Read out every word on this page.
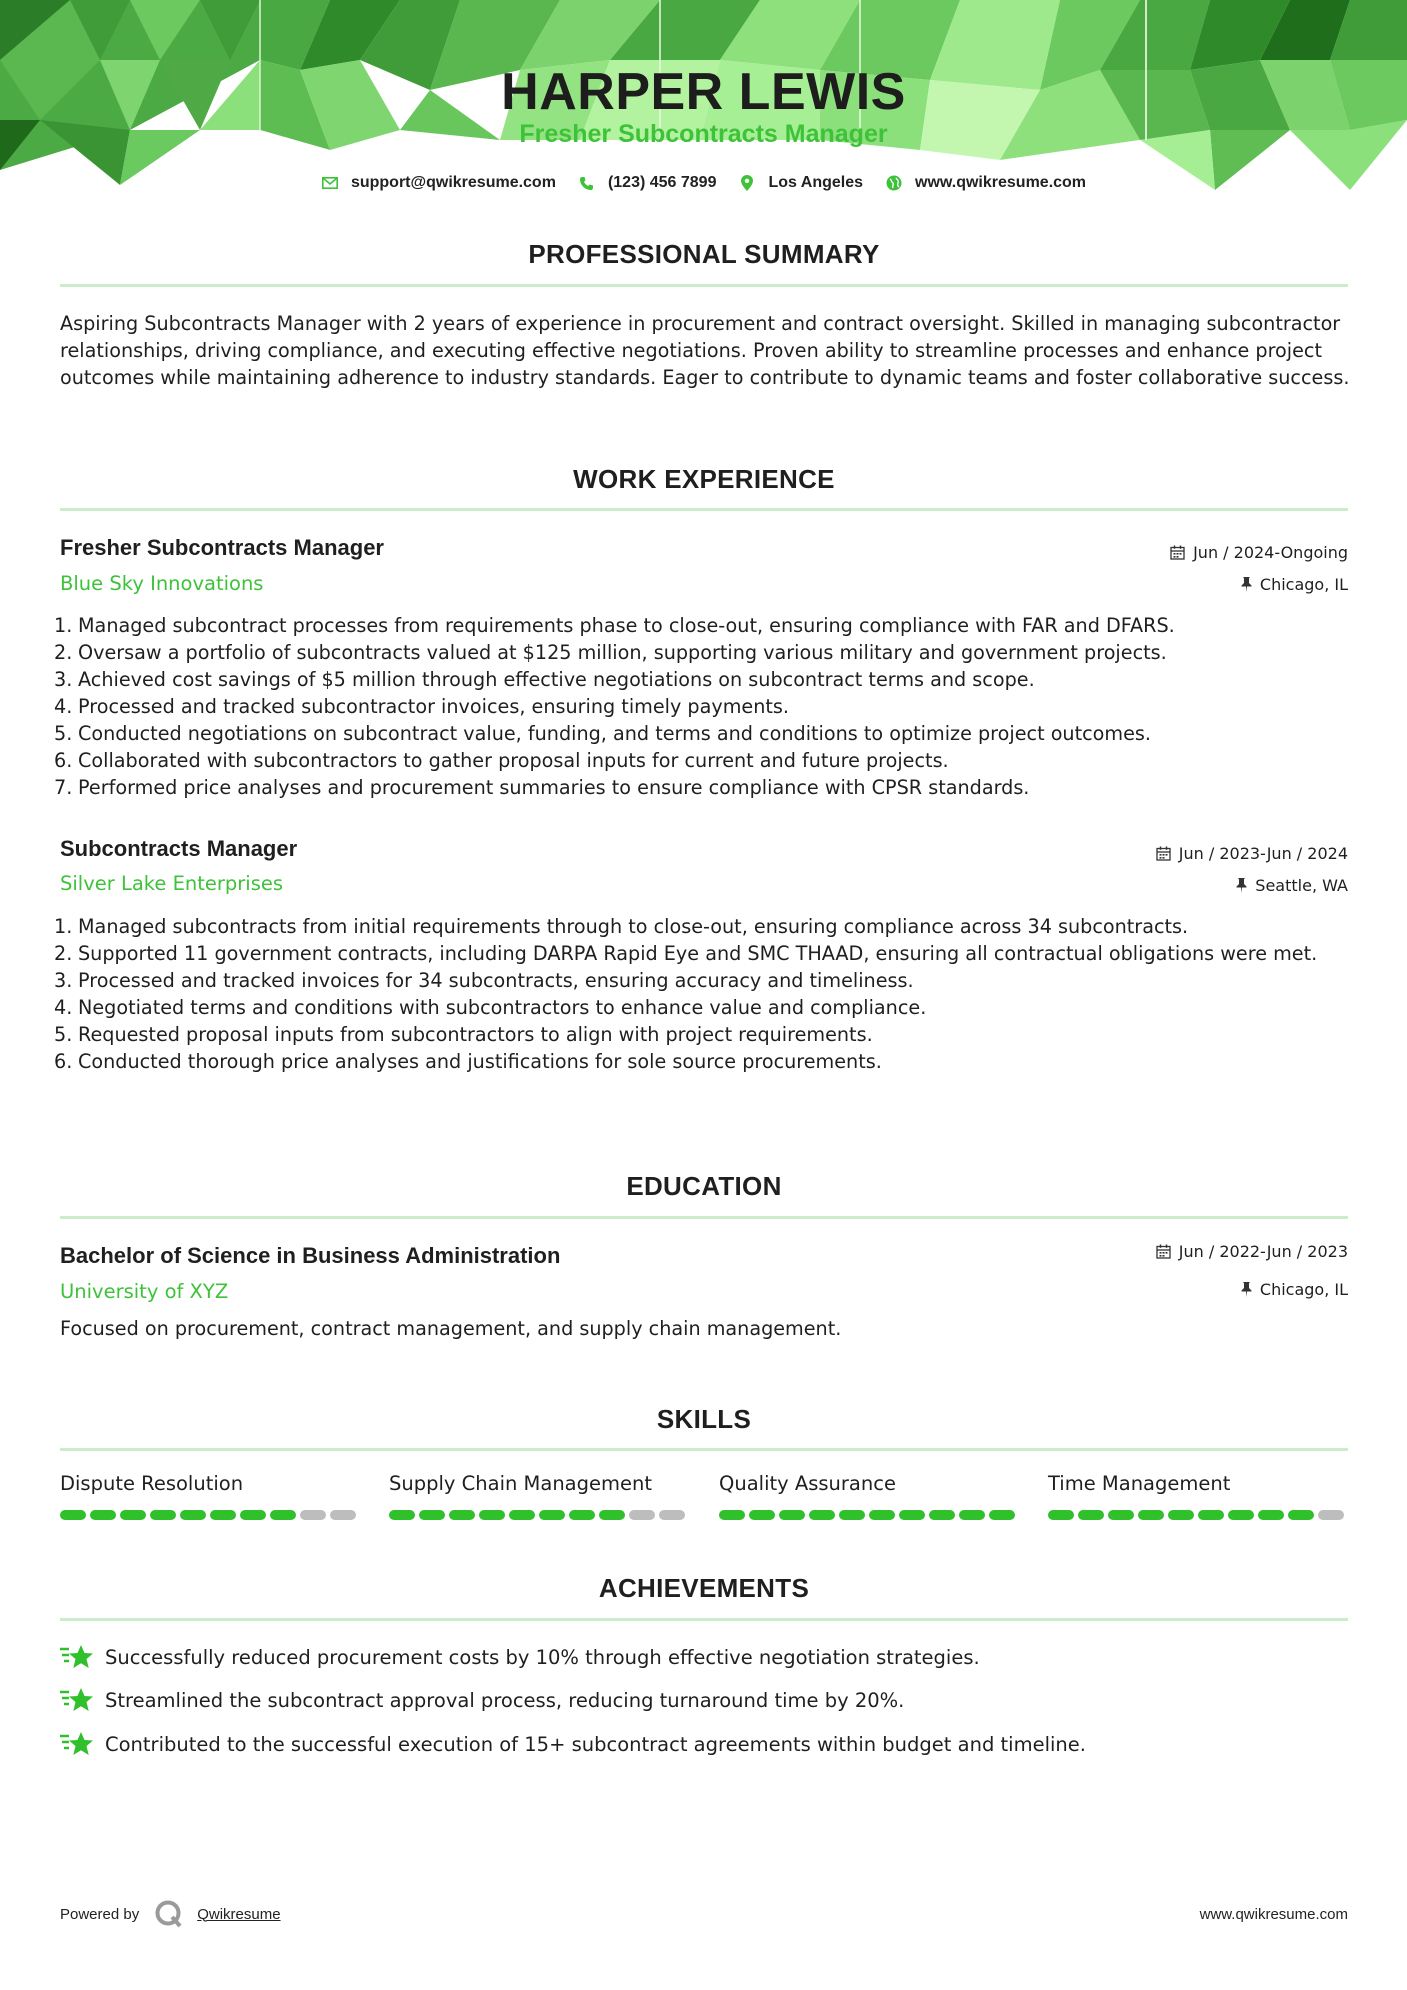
HARPER LEWIS
Fresher Subcontracts Manager
support@qwikresume.com	(123) 456 7899	Los Angeles	www.qwikresume.com
PROFESSIONAL SUMMARY
Aspiring Subcontracts Manager with 2 years of experience in procurement and contract oversight. Skilled in managing subcontractor relationships, driving compliance, and executing effective negotiations. Proven ability to streamline processes and enhance project outcomes while maintaining adherence to industry standards. Eager to contribute to dynamic teams and foster collaborative success.
WORK EXPERIENCE
Fresher Subcontracts Manager
Blue Sky Innovations
Jun / 2024-Ongoing
Chicago, IL
1. Managed subcontract processes from requirements phase to close-out, ensuring compliance with FAR and DFARS.
2. Oversaw a portfolio of subcontracts valued at $125 million, supporting various military and government projects.
3. Achieved cost savings of $5 million through effective negotiations on subcontract terms and scope.
4. Processed and tracked subcontractor invoices, ensuring timely payments.
5. Conducted negotiations on subcontract value, funding, and terms and conditions to optimize project outcomes.
6. Collaborated with subcontractors to gather proposal inputs for current and future projects.
7. Performed price analyses and procurement summaries to ensure compliance with CPSR standards.
Subcontracts Manager
Silver Lake Enterprises
Jun / 2023-Jun / 2024
Seattle, WA
1. Managed subcontracts from initial requirements through to close-out, ensuring compliance across 34 subcontracts.
2. Supported 11 government contracts, including DARPA Rapid Eye and SMC THAAD, ensuring all contractual obligations were met.
3. Processed and tracked invoices for 34 subcontracts, ensuring accuracy and timeliness.
4. Negotiated terms and conditions with subcontractors to enhance value and compliance.
5. Requested proposal inputs from subcontractors to align with project requirements.
6. Conducted thorough price analyses and justifications for sole source procurements.
EDUCATION
Bachelor of Science in Business Administration
University of XYZ
Jun / 2022-Jun / 2023
Chicago, IL
Focused on procurement, contract management, and supply chain management.
SKILLS
Dispute Resolution	Supply Chain Management	Quality Assurance	Time Management
ACHIEVEMENTS
Successfully reduced procurement costs by 10% through effective negotiation strategies.
Streamlined the subcontract approval process, reducing turnaround time by 20%.
Contributed to the successful execution of 15+ subcontract agreements within budget and timeline.
Powered by	Qwikresume	www.qwikresume.com
